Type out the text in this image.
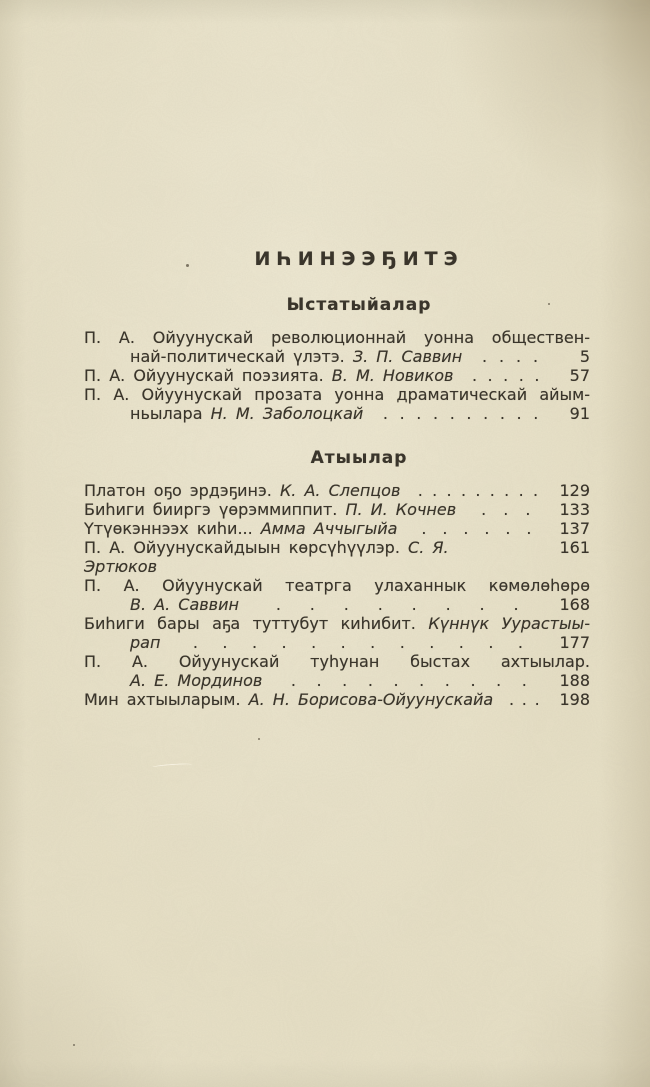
ИҺИНЭЭҔИТЭ
Ыстатыйалар
П. А. Ойуунускай революционнай уонна обществен-
най-политическай үлэтэ. З. П. Саввин . . . .	5
П. А. Ойуунускай поэзията. В. М. Новиков . . . . .	57
П. А. Ойуунускай прозата уонна драматическай айым-
ньылара Н. М. Заболоцкай . . . . . . . . . .	91
Атыылар
Платон оҕо эрдэҕинэ. К. А. Слепцов . . . . . . . . . 129
Биһиги бииргэ үөрэммиппит. П. И. Кочнев . . . 133
Үтүөкэннээх киһи... Амма Аччыгыйа . . . . . . 137
П. А. Ойуунускайдыын көрсүһүүлэр. С. Я. Эртюков
161
П. А. Ойуунускай театрга улаханнык көмөлөһөрө
В. А. Саввин . . . . . . . .	168
Биһиги бары аҕа туттубут киһибит. Күннүк Уурастыы-
рап . . . . . . . . . . . . 177
П. А. Ойуунускай туһунан быстах ахтыылар.
А. Е. Мординов . . . . . . . . . . 188
Мин ахтыыларым. А. Н. Борисова-Ойуунускайа . . . 198
